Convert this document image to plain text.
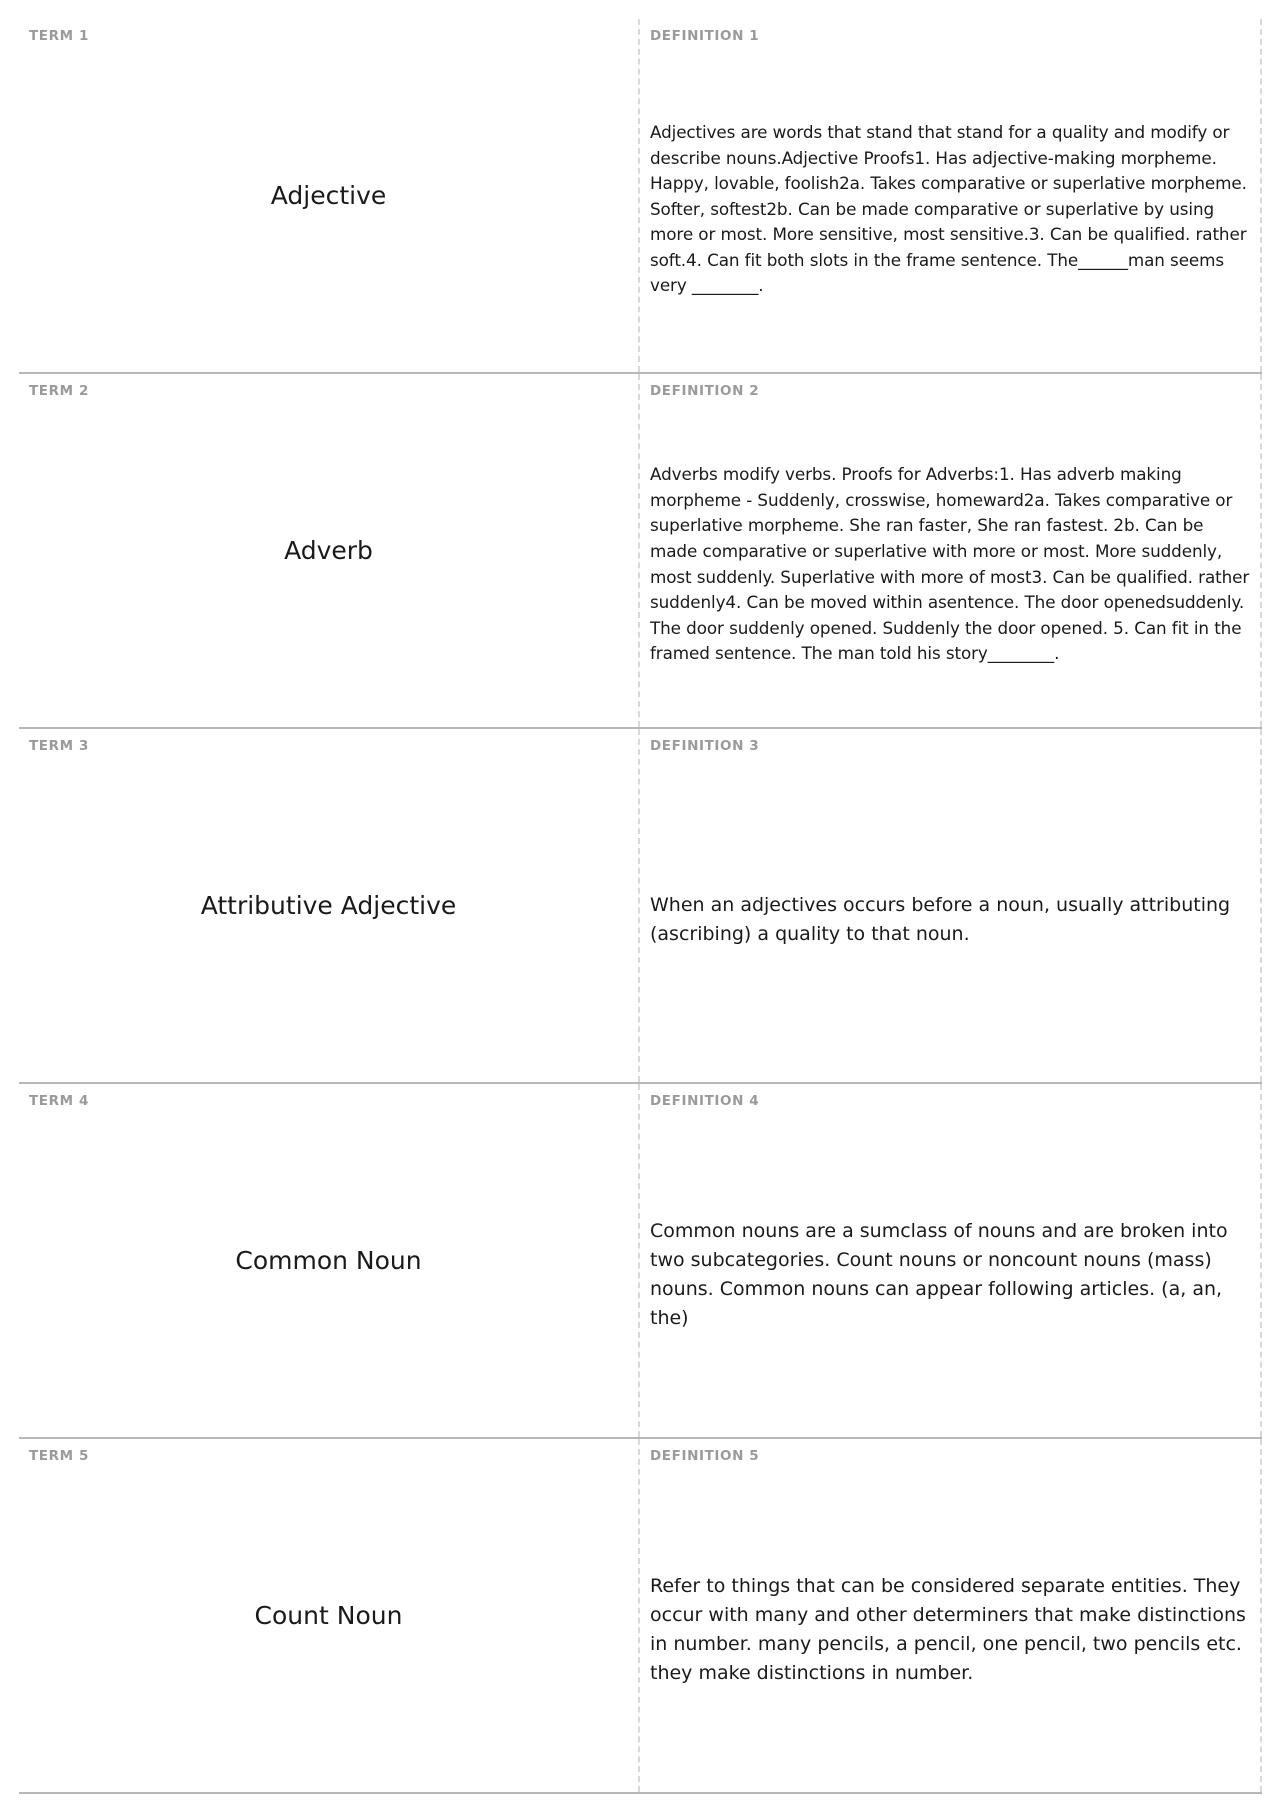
TERM 1
Adjective
DEFINITION 1
Adjectives are words that stand that stand for a quality and modify or describe nouns.Adjective Proofs1. Has adjective-making morpheme. Happy, lovable, foolish2a. Takes comparative or superlative morpheme. Softer, softest2b. Can be made comparative or superlative by using more or most. More sensitive, most sensitive.3. Can be qualified. rather soft.4. Can fit both slots in the frame sentence. The______man seems very ________.
TERM 2
Adverb
DEFINITION 2
Adverbs modify verbs. Proofs for Adverbs:1. Has adverb making morpheme - Suddenly, crosswise, homeward2a. Takes comparative or superlative morpheme. She ran faster, She ran fastest. 2b. Can be made comparative or superlative with more or most. More suddenly, most suddenly. Superlative with more of most3. Can be qualified. rather suddenly4. Can be moved within asentence. The door openedsuddenly. The door suddenly opened. Suddenly the door opened. 5. Can fit in the framed sentence. The man told his story________.
TERM 3
Attributive Adjective
DEFINITION 3
When an adjectives occurs before a noun, usually attributing (ascribing) a quality to that noun.
TERM 4
Common Noun
DEFINITION 4
Common nouns are a sumclass of nouns and are broken into two subcategories. Count nouns or noncount nouns (mass) nouns. Common nouns can appear following articles. (a, an, the)
TERM 5
Count Noun
DEFINITION 5
Refer to things that can be considered separate entities. They occur with many and other determiners that make distinctions in number. many pencils, a pencil, one pencil, two pencils etc. they make distinctions in number.
